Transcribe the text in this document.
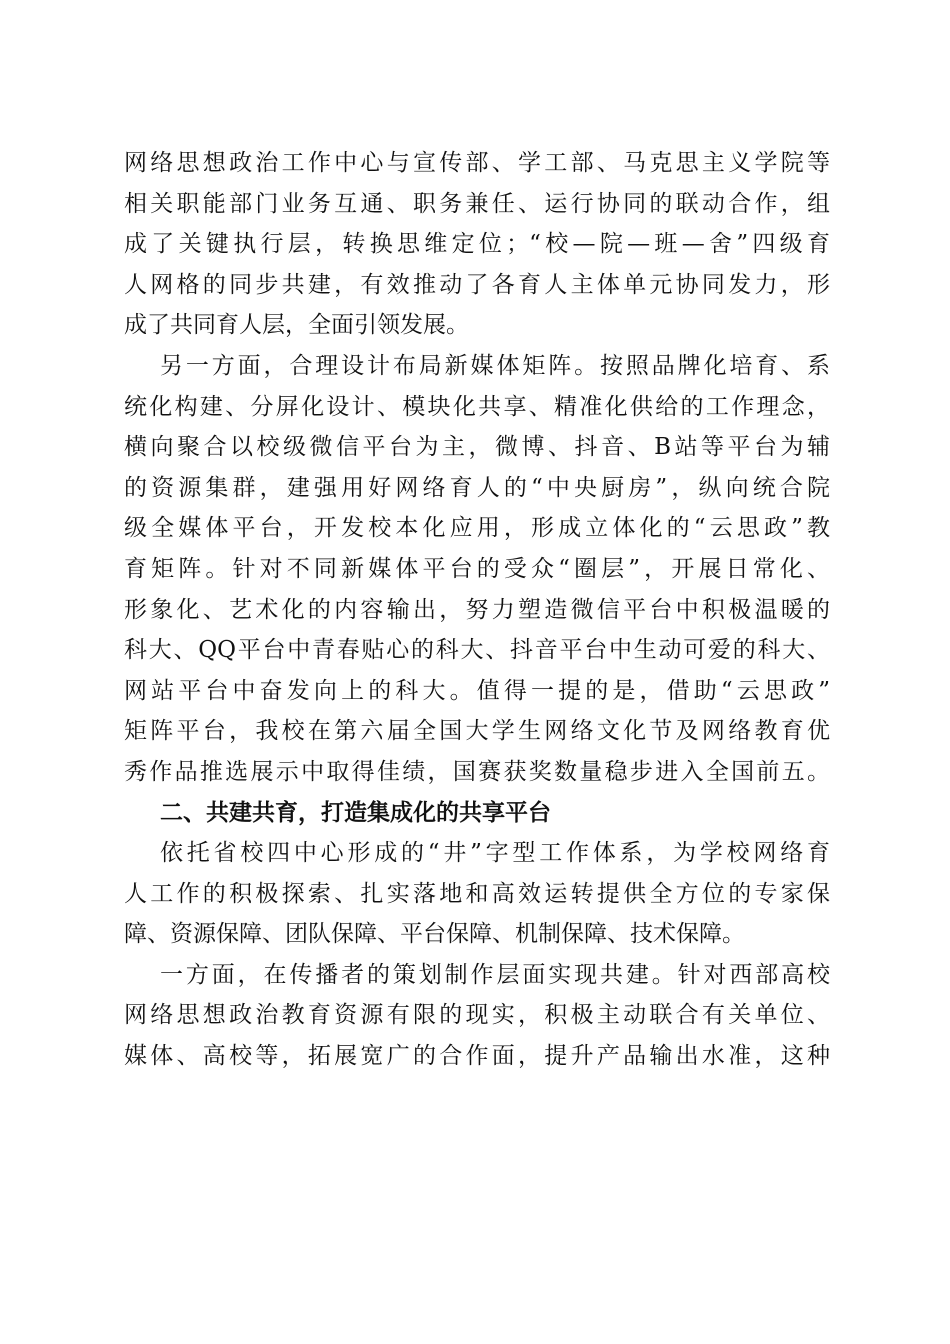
网络思想政治工作中心与宣传部、学工部、马克思主义学院等
相关职能部门业务互通、职务兼任、运行协同的联动合作，组
成了关键执行层，转换思维定位；“校—院—班—舍”四级育
人网格的同步共建，有效推动了各育人主体单元协同发力，形
成了共同育人层，全面引领发展。
另一方面，合理设计布局新媒体矩阵。按照品牌化培育、系
统化构建、分屏化设计、模块化共享、精准化供给的工作理念，
横向聚合以校级微信平台为主，微博、抖音、B站等平台为辅
的资源集群，建强用好网络育人的“中央厨房”，纵向统合院
级全媒体平台，开发校本化应用，形成立体化的“云思政”教
育矩阵。针对不同新媒体平台的受众“圈层”，开展日常化、
形象化、艺术化的内容输出，努力塑造微信平台中积极温暖的
科大、QQ平台中青春贴心的科大、抖音平台中生动可爱的科大、
网站平台中奋发向上的科大。值得一提的是，借助“云思政”
矩阵平台，我校在第六届全国大学生网络文化节及网络教育优
秀作品推选展示中取得佳绩，国赛获奖数量稳步进入全国前五。
二、共建共育，打造集成化的共享平台
依托省校四中心形成的“井”字型工作体系，为学校网络育
人工作的积极探索、扎实落地和高效运转提供全方位的专家保
障、资源保障、团队保障、平台保障、机制保障、技术保障。
一方面，在传播者的策划制作层面实现共建。针对西部高校
网络思想政治教育资源有限的现实，积极主动联合有关单位、
媒体、高校等，拓展宽广的合作面，提升产品输出水准，这种
